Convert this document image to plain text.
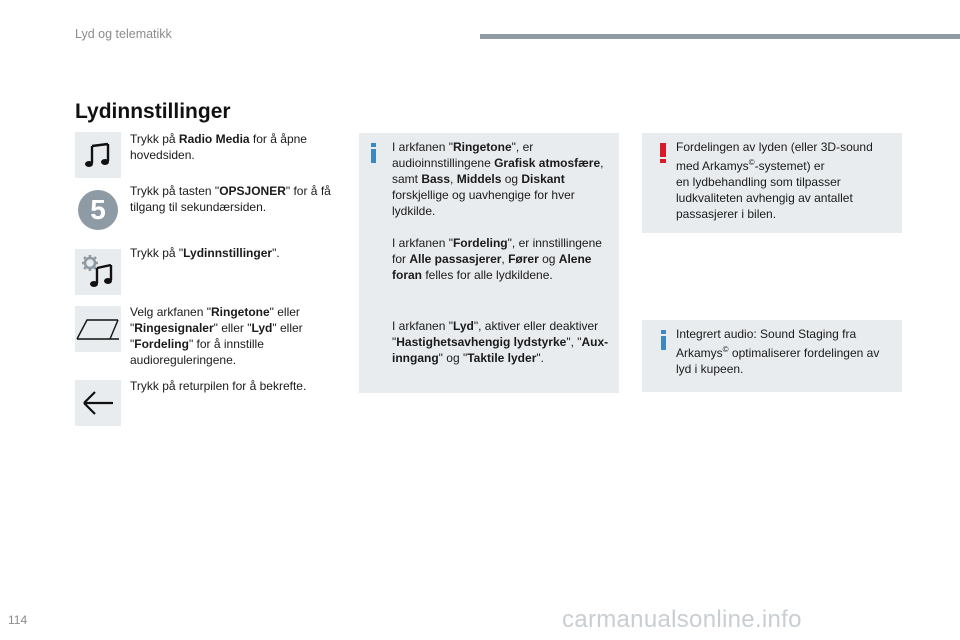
Lyd og telematikk
Lydinnstillinger
5
Trykk på Radio Media for å åpne hovedsiden.
Trykk på tasten "OPSJONER" for å få tilgang til sekundærsiden.
Trykk på "Lydinnstillinger".
Velg arkfanen "Ringetone" eller "Ringesignaler" eller "Lyd" eller "Fordeling" for å innstille audioreguleringene.
Trykk på returpilen for å bekrefte.

I arkfanen "Ringetone", er audioinnstillingene Grafisk atmosfære, samt Bass, Middels og Diskant forskjellige og uavhengige for hver lydkilde.

I arkfanen "Fordeling", er innstillingene for Alle passasjerer, Fører og Alene foran felles for alle lydkildene.

I arkfanen "Lyd", aktiver eller deaktiver "Hastighetsavhengig lydstyrke", "Aux-inngang" og "Taktile lyder".

Fordelingen av lyden (eller 3D-sound
med Arkamys©-systemet) er
en lydbehandling som tilpasser
ludkvaliteten avhengig av antallet
passasjerer i bilen.

Integrert audio: Sound Staging fra
Arkamys© optimaliserer fordelingen av
lyd i kupeen.

114	carmanualsonline.info
